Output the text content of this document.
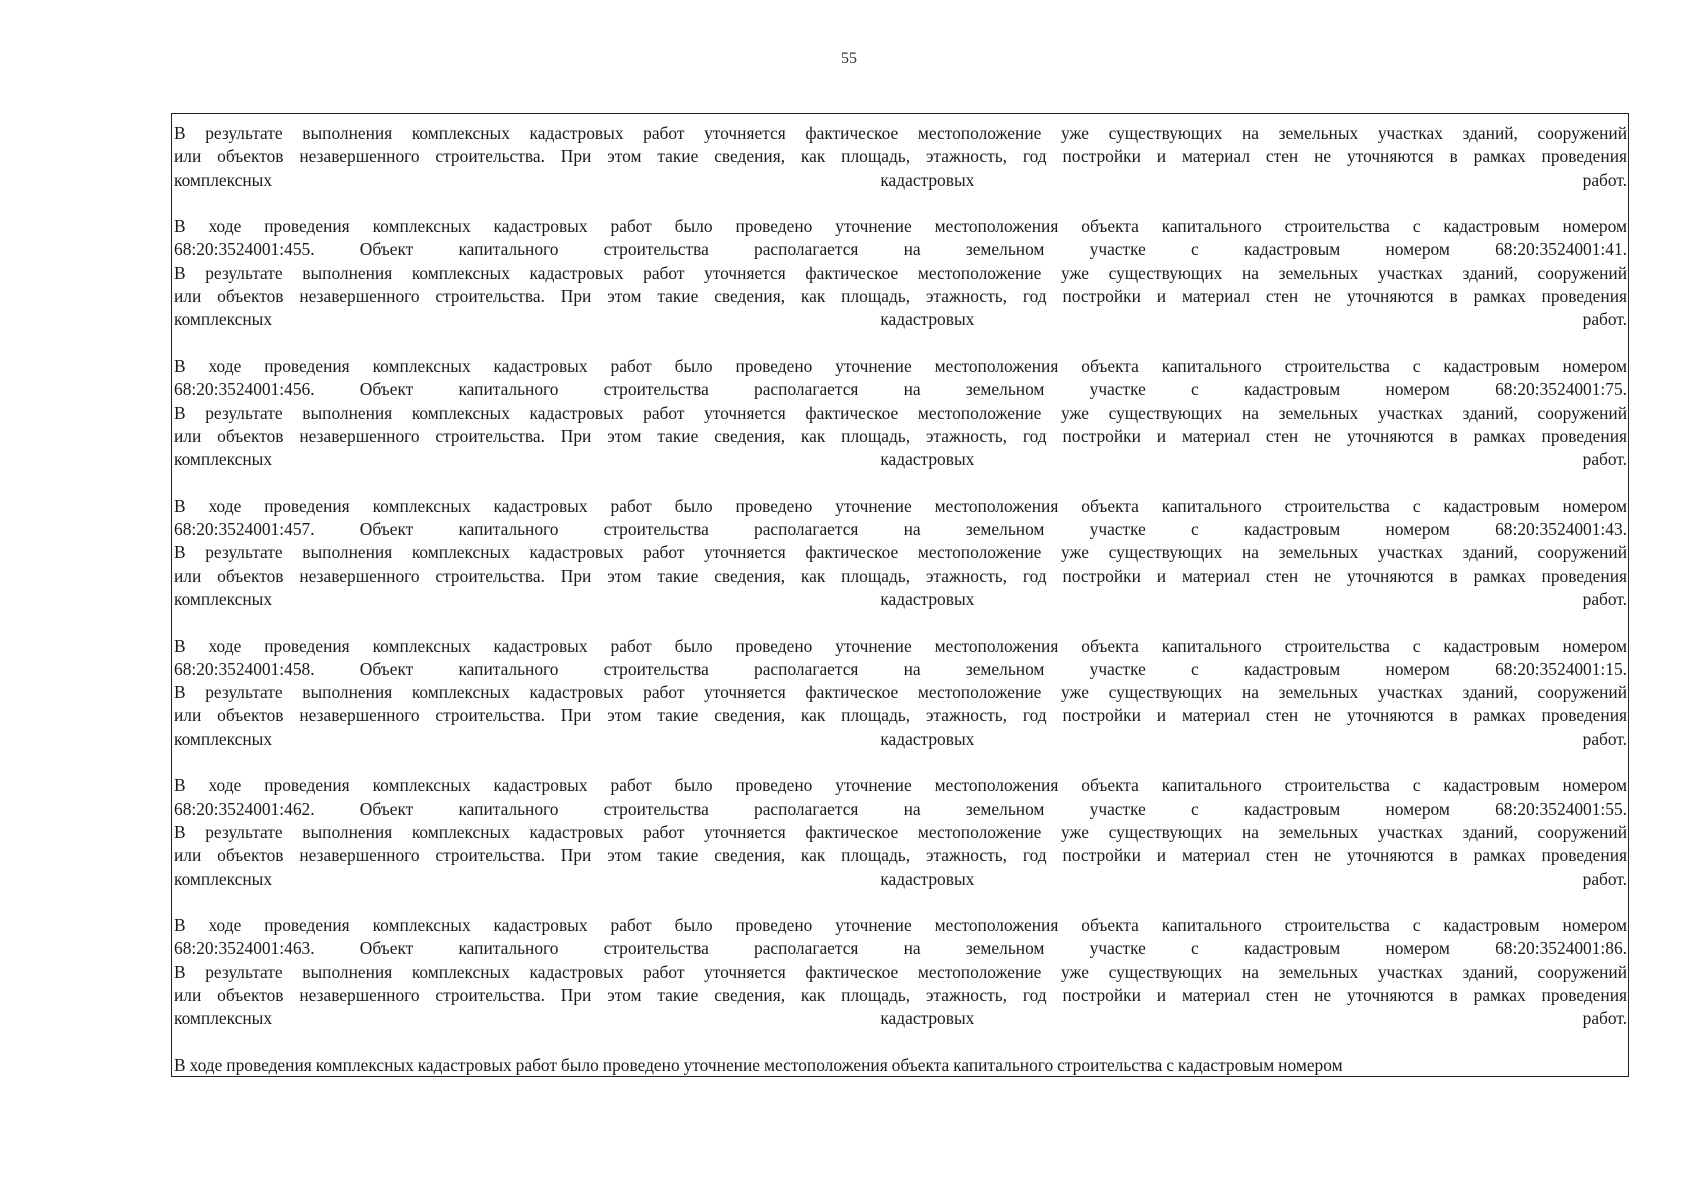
55

В результате выполнения комплексных кадастровых работ уточняется фактическое местоположение уже существующих на земельных участках зданий, сооружений

или объектов незавершенного строительства. При этом такие сведения, как площадь, этажность, год постройки и материал стен не уточняются в рамках проведения

комплексных кадастровых работ.

В ходе проведения комплексных кадастровых работ было проведено уточнение местоположения объекта капитального строительства с кадастровым номером

68:20:3524001:455. Объект капитального строительства располагается на земельном участке с кадастровым номером 68:20:3524001:41.

В результате выполнения комплексных кадастровых работ уточняется фактическое местоположение уже существующих на земельных участках зданий, сооружений

или объектов незавершенного строительства. При этом такие сведения, как площадь, этажность, год постройки и материал стен не уточняются в рамках проведения

комплексных кадастровых работ.

В ходе проведения комплексных кадастровых работ было проведено уточнение местоположения объекта капитального строительства с кадастровым номером

68:20:3524001:456. Объект капитального строительства располагается на земельном участке с кадастровым номером 68:20:3524001:75.

В результате выполнения комплексных кадастровых работ уточняется фактическое местоположение уже существующих на земельных участках зданий, сооружений

или объектов незавершенного строительства. При этом такие сведения, как площадь, этажность, год постройки и материал стен не уточняются в рамках проведения

комплексных кадастровых работ.

В ходе проведения комплексных кадастровых работ было проведено уточнение местоположения объекта капитального строительства с кадастровым номером

68:20:3524001:457. Объект капитального строительства располагается на земельном участке с кадастровым номером 68:20:3524001:43.

В результате выполнения комплексных кадастровых работ уточняется фактическое местоположение уже существующих на земельных участках зданий, сооружений

или объектов незавершенного строительства. При этом такие сведения, как площадь, этажность, год постройки и материал стен не уточняются в рамках проведения

комплексных кадастровых работ.

В ходе проведения комплексных кадастровых работ было проведено уточнение местоположения объекта капитального строительства с кадастровым номером

68:20:3524001:458. Объект капитального строительства располагается на земельном участке с кадастровым номером 68:20:3524001:15.

В результате выполнения комплексных кадастровых работ уточняется фактическое местоположение уже существующих на земельных участках зданий, сооружений

или объектов незавершенного строительства. При этом такие сведения, как площадь, этажность, год постройки и материал стен не уточняются в рамках проведения

комплексных кадастровых работ.

В ходе проведения комплексных кадастровых работ было проведено уточнение местоположения объекта капитального строительства с кадастровым номером

68:20:3524001:462. Объект капитального строительства располагается на земельном участке с кадастровым номером 68:20:3524001:55.

В результате выполнения комплексных кадастровых работ уточняется фактическое местоположение уже существующих на земельных участках зданий, сооружений

или объектов незавершенного строительства. При этом такие сведения, как площадь, этажность, год постройки и материал стен не уточняются в рамках проведения

комплексных кадастровых работ.

В ходе проведения комплексных кадастровых работ было проведено уточнение местоположения объекта капитального строительства с кадастровым номером

68:20:3524001:463. Объект капитального строительства располагается на земельном участке с кадастровым номером 68:20:3524001:86.

В результате выполнения комплексных кадастровых работ уточняется фактическое местоположение уже существующих на земельных участках зданий, сооружений

или объектов незавершенного строительства. При этом такие сведения, как площадь, этажность, год постройки и материал стен не уточняются в рамках проведения

комплексных кадастровых работ.

В ходе проведения комплексных кадастровых работ было проведено уточнение местоположения объекта капитального строительства с кадастровым номером
